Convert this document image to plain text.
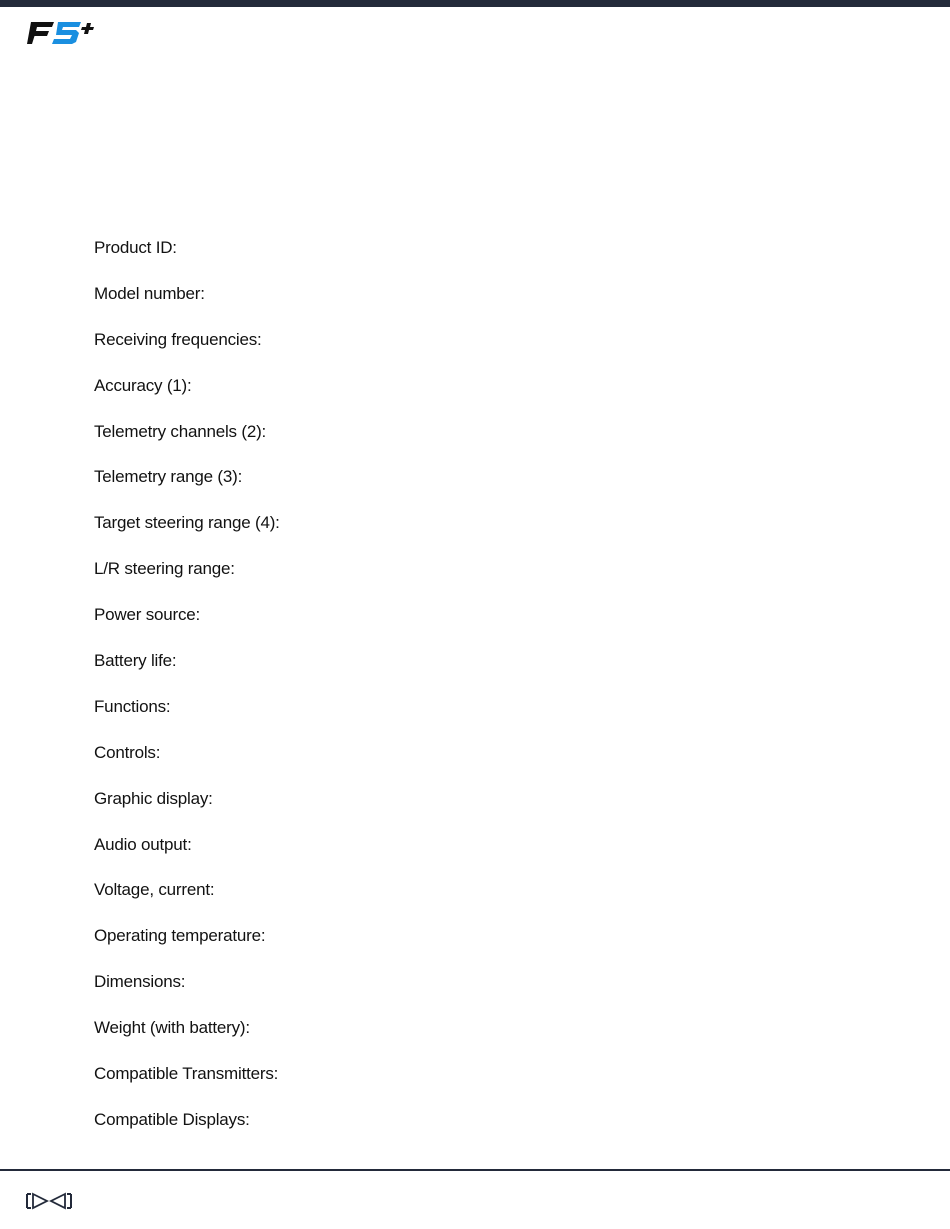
Product ID:
Model number:
Receiving frequencies:
Accuracy (1):
Telemetry channels (2):
Telemetry range (3):
Target steering range (4):
L/R steering range:
Power source:
Battery life:
Functions:
Controls:
Graphic display:
Audio output:
Voltage, current:
Operating temperature:
Dimensions:
Weight (with battery):
Compatible Transmitters:
Compatible Displays:
